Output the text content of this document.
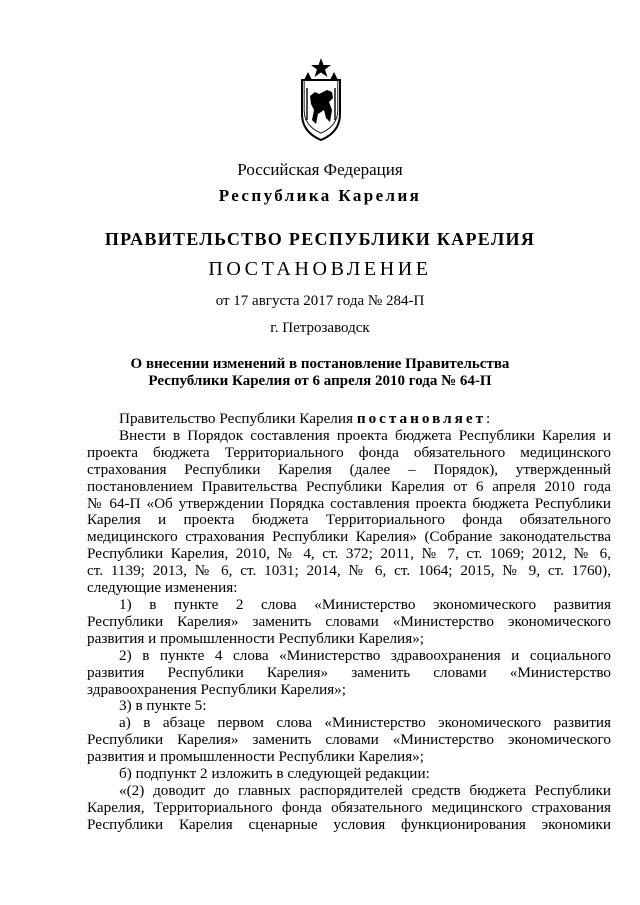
Российская Федерация
Республика Карелия
ПРАВИТЕЛЬСТВО РЕСПУБЛИКИ КАРЕЛИЯ
ПОСТАНОВЛЕНИЕ
от 17 августа 2017 года № 284-П
г. Петрозаводск
О внесении изменений в постановление Правительства
Республики Карелия от 6 апреля 2010 года № 64-П

Правительство Республики Карелия постановляет:

Внести в Порядок составления проекта бюджета Республики Карелия и

проекта бюджета Территориального фонда обязательного медицинского

страхования Республики Карелия (далее – Порядок), утвержденный

постановлением Правительства Республики Карелия от 6 апреля 2010 года

№ 64-П «Об утверждении Порядка составления проекта бюджета Республики

Карелия и проекта бюджета Территориального фонда обязательного

медицинского страхования Республики Карелия» (Собрание законодательства

Республики Карелия, 2010, № 4, ст. 372; 2011, № 7, ст. 1069; 2012, № 6,

ст. 1139; 2013, № 6, ст. 1031; 2014, № 6, ст. 1064; 2015, № 9, ст. 1760),

следующие изменения:

1) в пункте 2 слова «Министерство экономического развития

Республики Карелия» заменить словами «Министерство экономического

развития и промышленности Республики Карелия»;

2) в пункте 4 слова «Министерство здравоохранения и социального

развития Республики Карелия» заменить словами «Министерство

здравоохранения Республики Карелия»;

3) в пункте 5:

а) в абзаце первом слова «Министерство экономического развития

Республики Карелия» заменить словами «Министерство экономического

развития и промышленности Республики Карелия»;

б) подпункт 2 изложить в следующей редакции:

«(2) доводит до главных распорядителей средств бюджета Республики

Карелия, Территориального фонда обязательного медицинского страхования

Республики Карелия сценарные условия функционирования экономики
